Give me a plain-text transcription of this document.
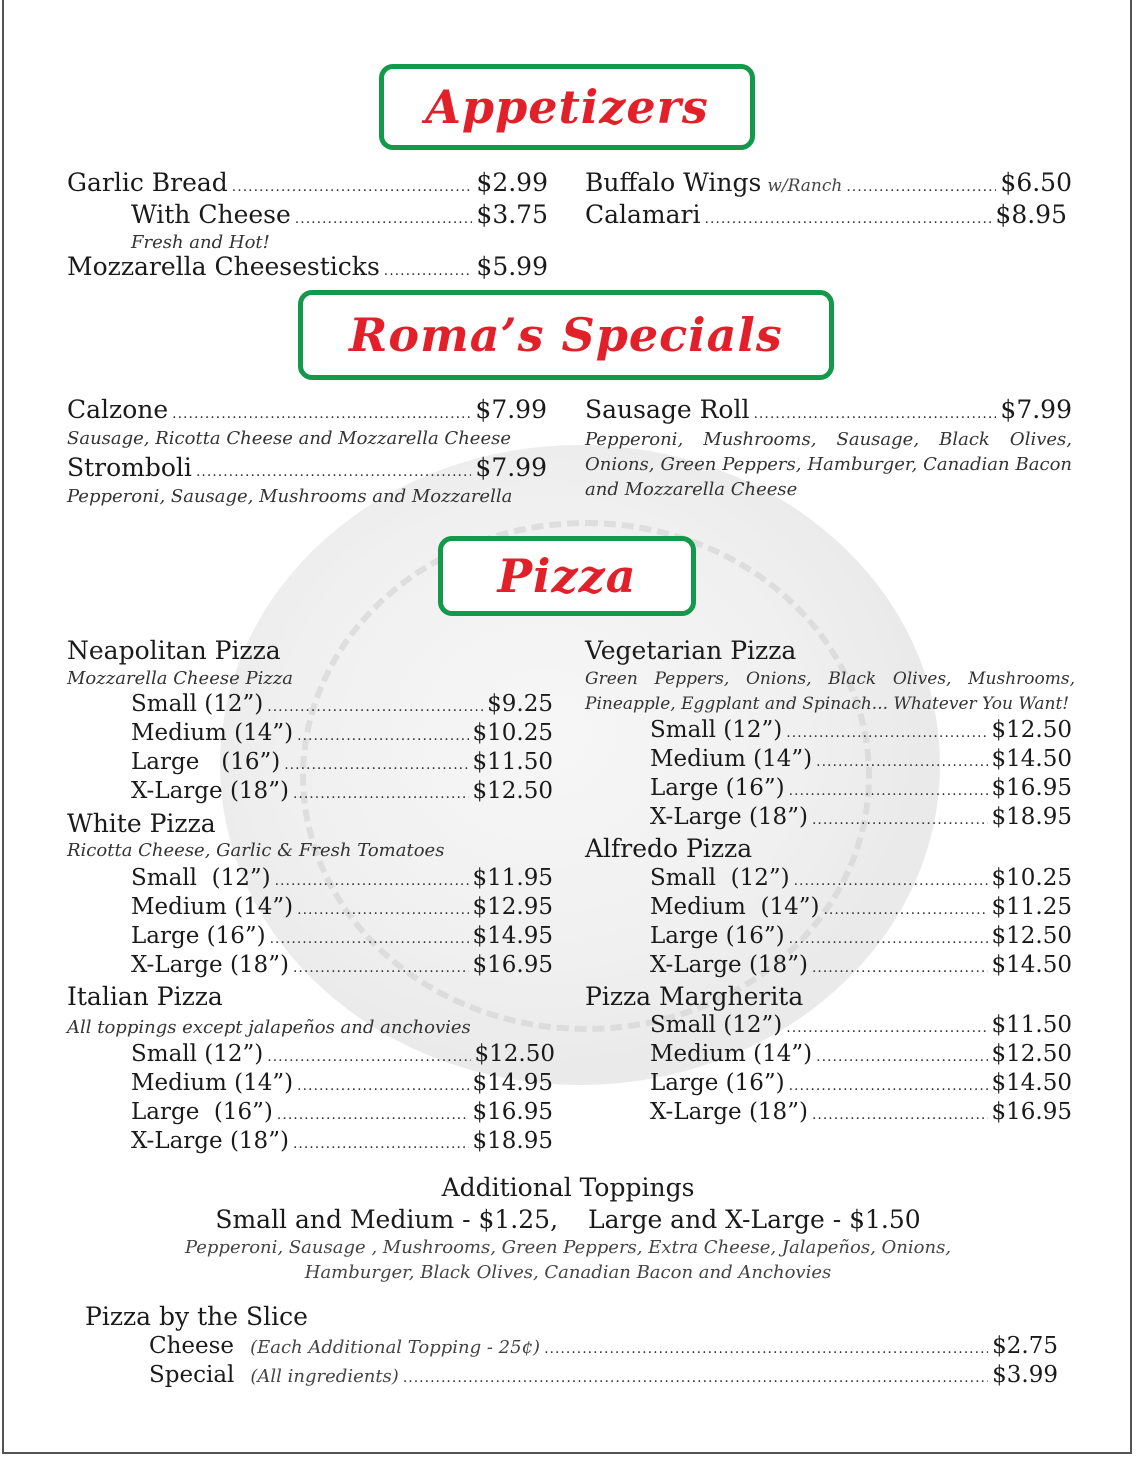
Appetizers
Garlic Bread .....	$2.99
With Cheese .....	$3.75
Fresh and Hot!
Mozzarella Cheesesticks .....	$5.99
Buffalo Wings w/Ranch .....	$6.50
Calamari .....	$8.95
Roma’s Specials
Calzone .....	$7.99
Sausage, Ricotta Cheese and Mozzarella Cheese
Stromboli .....	$7.99
Pepperoni, Sausage, Mushrooms and Mozzarella
Sausage Roll .....	$7.99
Pepperoni, Mushrooms, Sausage, Black Olives, Onions, Green Peppers, Hamburger, Canadian Bacon and Mozzarella Cheese
Pizza
Neapolitan Pizza
Mozzarella Cheese Pizza
Small (12”) .....	$9.25
Medium (14”) .....	$10.25
Large   (16”) .....	$11.50
X-Large (18”) .....	$12.50
White Pizza
Ricotta Cheese, Garlic & Fresh Tomatoes
Small  (12”) .....	$11.95
Medium (14”) .....	$12.95
Large (16”) .....	$14.95
X-Large (18”) .....	$16.95
Italian Pizza
All toppings except jalapeños and anchovies
Small (12”) .....	$12.50
Medium (14”) .....	$14.95
Large  (16”) .....	$16.95
X-Large (18”) .....	$18.95
Vegetarian Pizza
Green Peppers, Onions, Black Olives, Mushrooms, Pineapple, Eggplant and Spinach... Whatever You Want!
Small (12”) .....	$12.50
Medium (14”) .....	$14.50
Large (16”) .....	$16.95
X-Large (18”) .....	$18.95
Alfredo Pizza
Small  (12”) .....	$10.25
Medium  (14”) .....	$11.25
Large (16”) .....	$12.50
X-Large (18”) .....	$14.50
Pizza Margherita
Small (12”) .....	$11.50
Medium (14”) .....	$12.50
Large (16”) .....	$14.50
X-Large (18”) .....	$16.95
Additional Toppings
Small and Medium - $1.25, Large and X-Large - $1.50
Pepperoni, Sausage , Mushrooms, Green Peppers, Extra Cheese, Jalapeños, Onions,
Hamburger, Black Olives, Canadian Bacon and Anchovies
Pizza by the Slice
Cheese (Each Additional Topping - 25¢) .....	$2.75
Special (All ingredients) .....	$3.99
